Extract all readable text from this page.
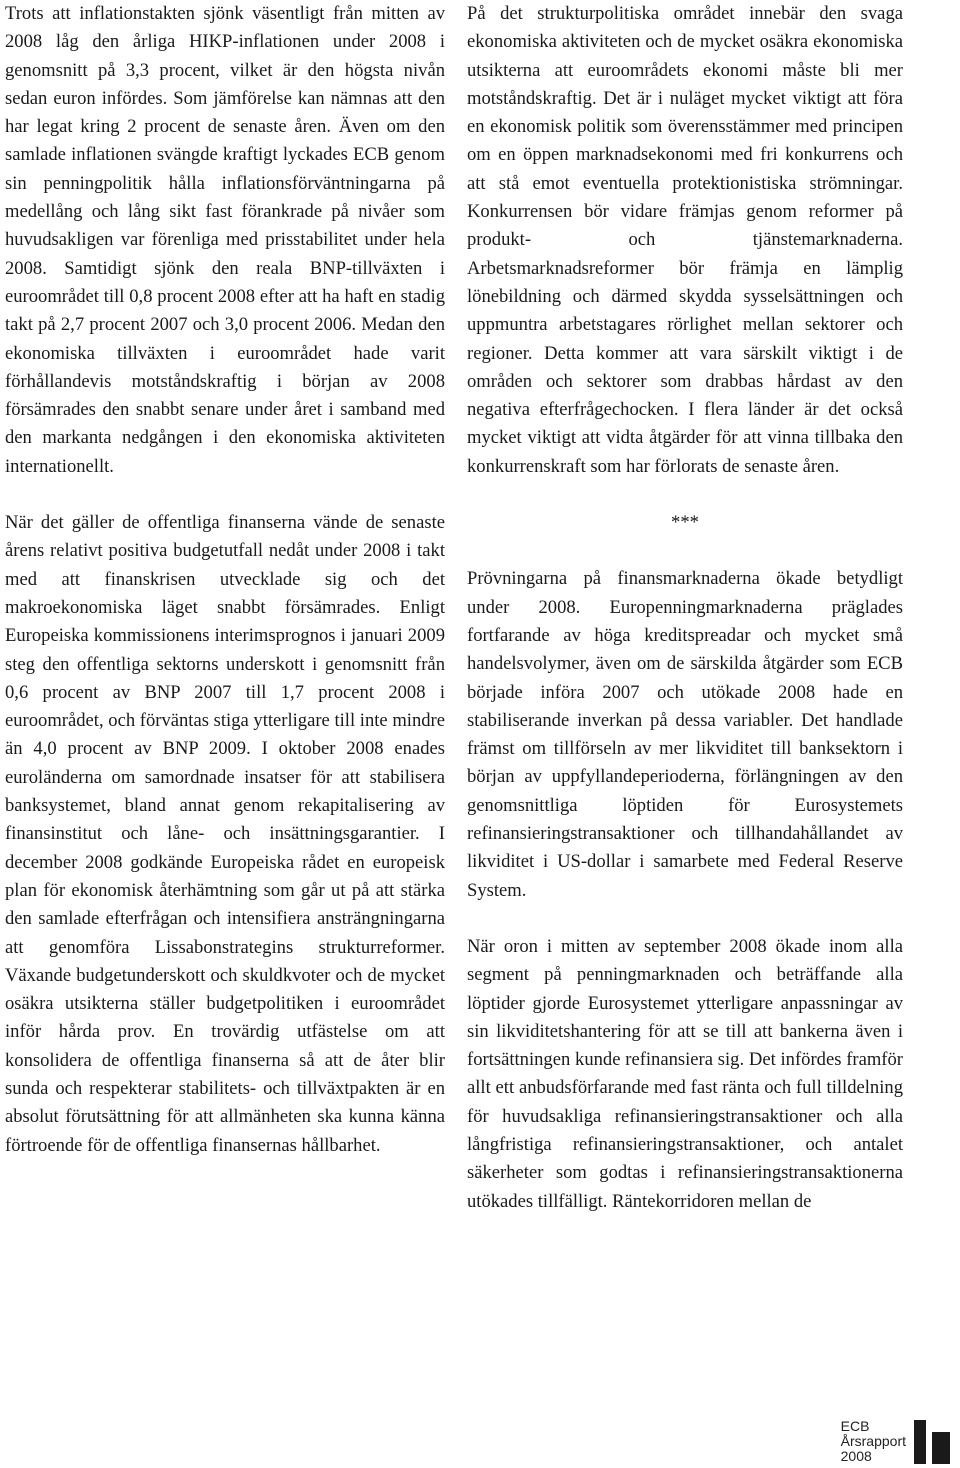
Trots att inflationstakten sjönk väsentligt från mitten av 2008 låg den årliga HIKP-inflationen under 2008 i genomsnitt på 3,3 procent, vilket är den högsta nivån sedan euron infördes. Som jämförelse kan nämnas att den har legat kring 2 procent de senaste åren. Även om den samlade inflationen svängde kraftigt lyckades ECB genom sin penningpolitik hålla inflationsförväntningarna på medellång och lång sikt fast förankrade på nivåer som huvudsakligen var förenliga med prisstabilitet under hela 2008. Samtidigt sjönk den reala BNP-tillväxten i euroområdet till 0,8 procent 2008 efter att ha haft en stadig takt på 2,7 procent 2007 och 3,0 procent 2006. Medan den ekonomiska tillväxten i euroområdet hade varit förhållandevis motståndskraftig i början av 2008 försämrades den snabbt senare under året i samband med den markanta nedgången i den ekonomiska aktiviteten internationellt.

När det gäller de offentliga finanserna vände de senaste årens relativt positiva budgetutfall nedåt under 2008 i takt med att finanskrisen utvecklade sig och det makroekonomiska läget snabbt försämrades. Enligt Europeiska kommissionens interimsprognos i januari 2009 steg den offentliga sektorns underskott i genomsnitt från 0,6 procent av BNP 2007 till 1,7 procent 2008 i euroområdet, och förväntas stiga ytterligare till inte mindre än 4,0 procent av BNP 2009. I oktober 2008 enades euroländerna om samordnade insatser för att stabilisera banksystemet, bland annat genom rekapitalisering av finansinstitut och låne- och insättningsgarantier. I december 2008 godkände Europeiska rådet en europeisk plan för ekonomisk återhämtning som går ut på att stärka den samlade efterfrågan och intensifiera ansträngningarna att genomföra Lissabonstrategins strukturreformer. Växande budgetunderskott och skuldkvoter och de mycket osäkra utsikterna ställer budgetpolitiken i euroområdet inför hårda prov. En trovärdig utfästelse om att konsolidera de offentliga finanserna så att de åter blir sunda och respekterar stabilitets- och tillväxtpakten är en absolut förutsättning för att allmänheten ska kunna känna förtroende för de offentliga finansernas hållbarhet.

På det strukturpolitiska området innebär den svaga ekonomiska aktiviteten och de mycket osäkra ekonomiska utsikterna att euroområdets ekonomi måste bli mer motståndskraftig. Det är i nuläget mycket viktigt att föra en ekonomisk politik som överensstämmer med principen om en öppen marknadsekonomi med fri konkurrens och att stå emot eventuella protektionistiska strömningar. Konkurrensen bör vidare främjas genom reformer på produkt- och tjänstemarknaderna. Arbetsmarknadsreformer bör främja en lämplig lönebildning och därmed skydda sysselsättningen och uppmuntra arbetstagares rörlighet mellan sektorer och regioner. Detta kommer att vara särskilt viktigt i de områden och sektorer som drabbas hårdast av den negativa efterfrågechocken. I flera länder är det också mycket viktigt att vidta åtgärder för att vinna tillbaka den konkurrenskraft som har förlorats de senaste åren.

***

Prövningarna på finansmarknaderna ökade betydligt under 2008. Europenningmarknaderna präglades fortfarande av höga kreditspreadar och mycket små handelsvolymer, även om de särskilda åtgärder som ECB började införa 2007 och utökade 2008 hade en stabiliserande inverkan på dessa variabler. Det handlade främst om tillförseln av mer likviditet till banksektorn i början av uppfyllandeperioderna, förlängningen av den genomsnittliga löptiden för Eurosystemets refinansieringstransaktioner och tillhandahållandet av likviditet i US-dollar i samarbete med Federal Reserve System.

När oron i mitten av september 2008 ökade inom alla segment på penningmarknaden och beträffande alla löptider gjorde Eurosystemet ytterligare anpassningar av sin likviditetshantering för att se till att bankerna även i fortsättningen kunde refinansiera sig. Det infördes framför allt ett anbudsförfarande med fast ränta och full tilldelning för huvudsakliga refinansieringstransaktioner och alla långfristiga refinansieringstransaktioner, och antalet säkerheter som godtas i refinansieringstransaktionerna utökades tillfälligt. Räntekorridoren mellan de

ECB
Årsrapport
2008
